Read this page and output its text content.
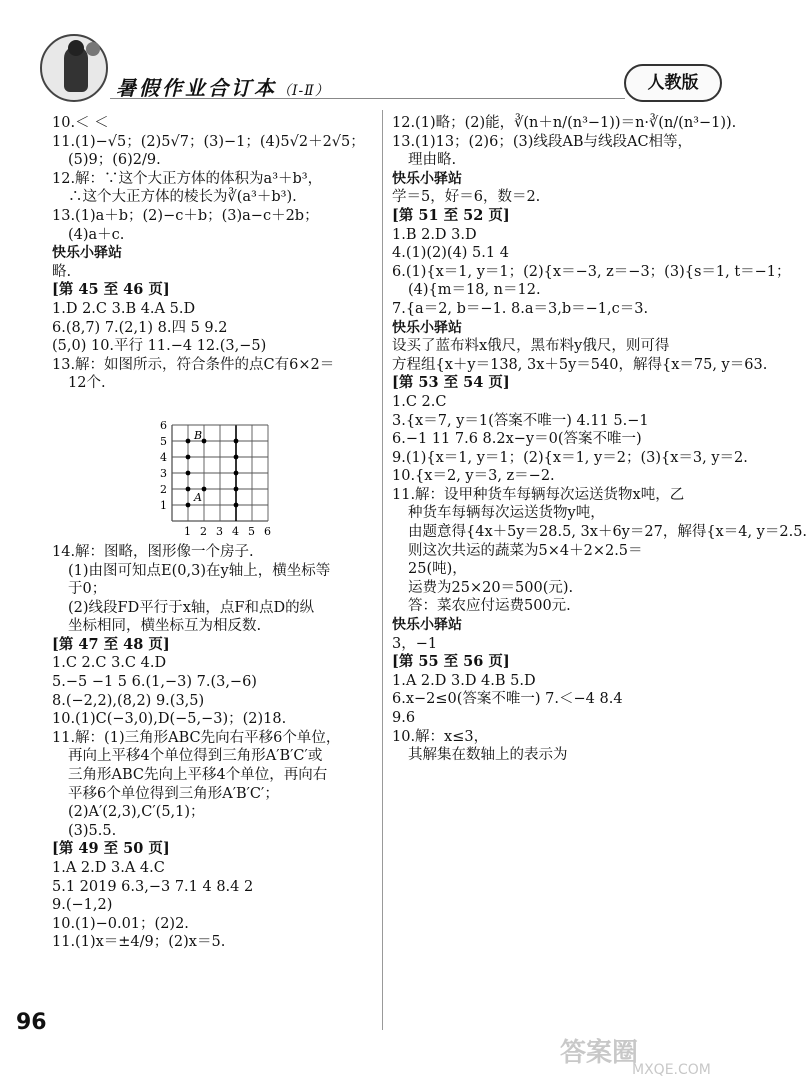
暑假作业合订本（Ⅰ-Ⅱ）	人教版
10.＜ ＜
11.(1)−√5；(2)5√7；(3)−1；(4)5√2＋2√5；
(5)9；(6)2/9.
12.解：∵这个大正方体的体积为a³＋b³，
∴这个大正方体的棱长为∛(a³＋b³).
13.(1)a＋b；(2)−c＋b；(3)a−c＋2b；
(4)a＋c.
快乐小驿站
略.
[第 45 至 46 页]
1.D 2.C 3.B 4.A 5.D
6.(8,7) 7.(2,1) 8.四 5 9.2
(5,0) 10.平行 11.−4 12.(3,−5)
13.解：如图所示，符合条件的点C有6×2＝
12个.
1 2 3 4 5 6
1
2
3
4
5
6
B
A
14.解：图略，图形像一个房子.
(1)由图可知点E(0,3)在y轴上，横坐标等
于0；
(2)线段FD平行于x轴，点F和点D的纵
坐标相同，横坐标互为相反数.
[第 47 至 48 页]
1.C 2.C 3.C 4.D
5.−5 −1 5 6.(1,−3) 7.(3,−6)
8.(−2,2),(8,2) 9.(3,5)
10.(1)C(−3,0),D(−5,−3)；(2)18.
11.解：(1)三角形ABC先向右平移6个单位，
再向上平移4个单位得到三角形A′B′C′或
三角形ABC先向上平移4个单位，再向右
平移6个单位得到三角形A′B′C′；
(2)A′(2,3),C′(5,1)；
(3)5.5.
[第 49 至 50 页]
1.A 2.D 3.A 4.C
5.1 2019 6.3,−3 7.1 4 8.4 2
9.(−1,2)
10.(1)−0.01；(2)2.
11.(1)x＝±4/9；(2)x＝5.
12.(1)略；(2)能，∛(n＋n/(n³−1))＝n·∛(n/(n³−1)).
13.(1)13；(2)6；(3)线段AB与线段AC相等，
理由略.
快乐小驿站
学＝5，好＝6，数＝2.
[第 51 至 52 页]
1.B 2.D 3.D
4.(1)(2)(4) 5.1 4
6.(1){x＝1, y＝1；(2){x＝−3, z＝−3；(3){s＝1, t＝−1；
(4){m＝18, n＝12.
7.{a＝2, b＝−1. 8.a＝3,b＝−1,c＝3.
快乐小驿站
设买了蓝布料x俄尺，黑布料y俄尺，则可得
方程组{x＋y＝138, 3x＋5y＝540，解得{x＝75, y＝63.
[第 53 至 54 页]
1.C 2.C
3.{x＝7, y＝1(答案不唯一) 4.11 5.−1
6.−1 11 7.6 8.2x−y＝0(答案不唯一)
9.(1){x＝1, y＝1；(2){x＝1, y＝2；(3){x＝3, y＝2.
10.{x＝2, y＝3, z＝−2.
11.解：设甲种货车每辆每次运送货物x吨，乙
种货车每辆每次运送货物y吨，
由题意得{4x＋5y＝28.5, 3x＋6y＝27，解得{x＝4, y＝2.5.
则这次共运的蔬菜为5×4＋2×2.5＝
25(吨)，
运费为25×20＝500(元).
答：菜农应付运费500元.
快乐小驿站
3，−1
[第 55 至 56 页]
1.A 2.D 3.D 4.B 5.D
6.x−2≤0(答案不唯一) 7.＜−4 8.4
9.6
10.解：x≤3，
其解集在数轴上的表示为
96
答案圈
MXQE.COM
